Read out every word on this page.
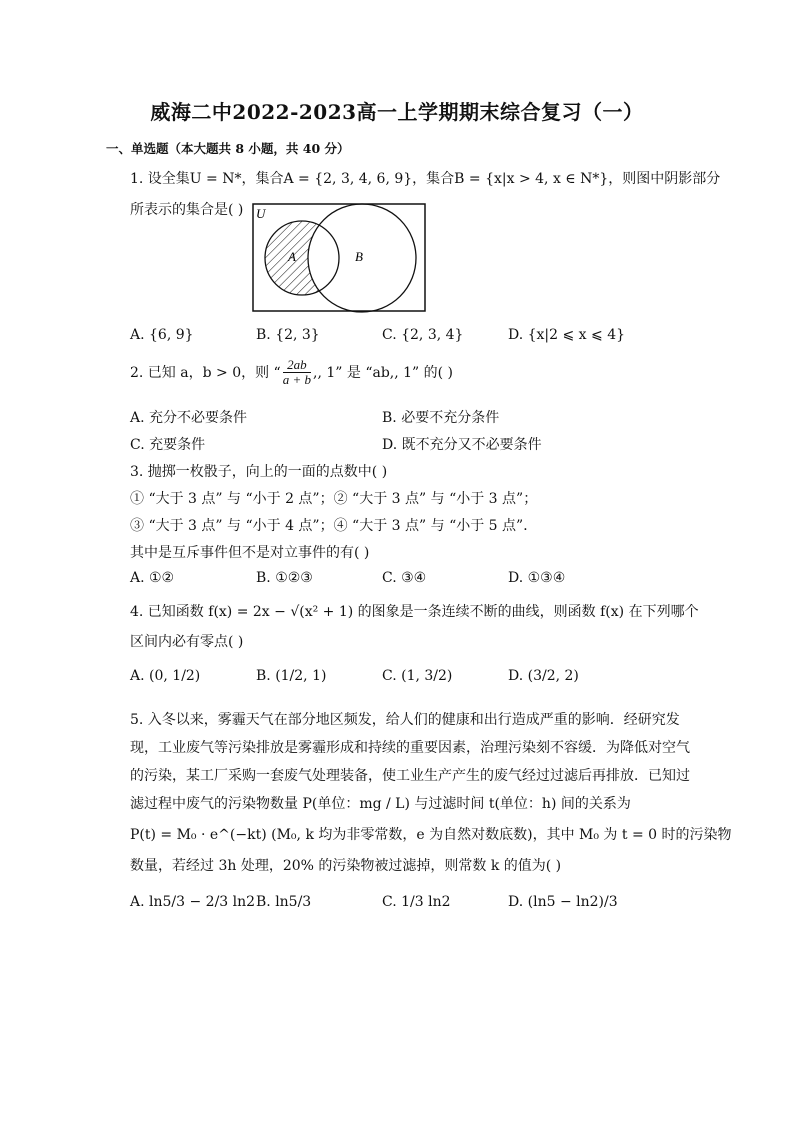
威海二中2022-2023高一上学期期末综合复习（一）
一、单选题（本大题共 8 小题，共 40 分）
1. 设全集U = N*，集合A = {2, 3, 4, 6, 9}，集合B = {x|x > 4, x ∈ N*}，则图中阴影部分
所表示的集合是( ) U
A	B
A. {6, 9}	B. {2, 3}	C. {2, 3, 4}	D. {x|2 ⩽ x ⩽ 4}
2. 已知 a，b > 0，则 “ $\frac{2ab}{a + b}$ ,, 1” 是 “ab,, 1” 的( )
A. 充分不必要条件	B. 必要不充分条件
C. 充要条件	D. 既不充分又不必要条件
3. 抛掷一枚骰子，向上的一面的点数中( )
① “大于 3 点” 与 “小于 2 点”；② “大于 3 点” 与 “小于 3 点”；
③ “大于 3 点” 与 “小于 4 点”；④ “大于 3 点” 与 “小于 5 点”．
其中是互斥事件但不是对立事件的有( )
A. ①②	B. ①②③	C. ③④	D. ①③④
4. 已知函数 f(x) = 2x − √(x² + 1) 的图象是一条连续不断的曲线，则函数 f(x) 在下列哪个
区间内必有零点( )
A. (0, 1/2)	B. (1/2, 1)	C. (1, 3/2)	D. (3/2, 2)
5. 入冬以来，雾霾天气在部分地区频发，给人们的健康和出行造成严重的影响．经研究发
现，工业废气等污染排放是雾霾形成和持续的重要因素，治理污染刻不容缓．为降低对空气
的污染，某工厂采购一套废气处理装备，使工业生产产生的废气经过过滤后再排放．已知过
滤过程中废气的污染物数量 P(单位：mg / L) 与过滤时间 t(单位：h) 间的关系为
P(t) = M₀ · e^(−kt) (M₀, k 均为非零常数，e 为自然对数底数)，其中 M₀ 为 t = 0 时的污染物
数量，若经过 3h 处理，20% 的污染物被过滤掉，则常数 k 的值为( )
A. ln5/3 − 2/3 ln2 B. ln5/3	C. 1/3 ln2	D. (ln5 − ln2)/3
